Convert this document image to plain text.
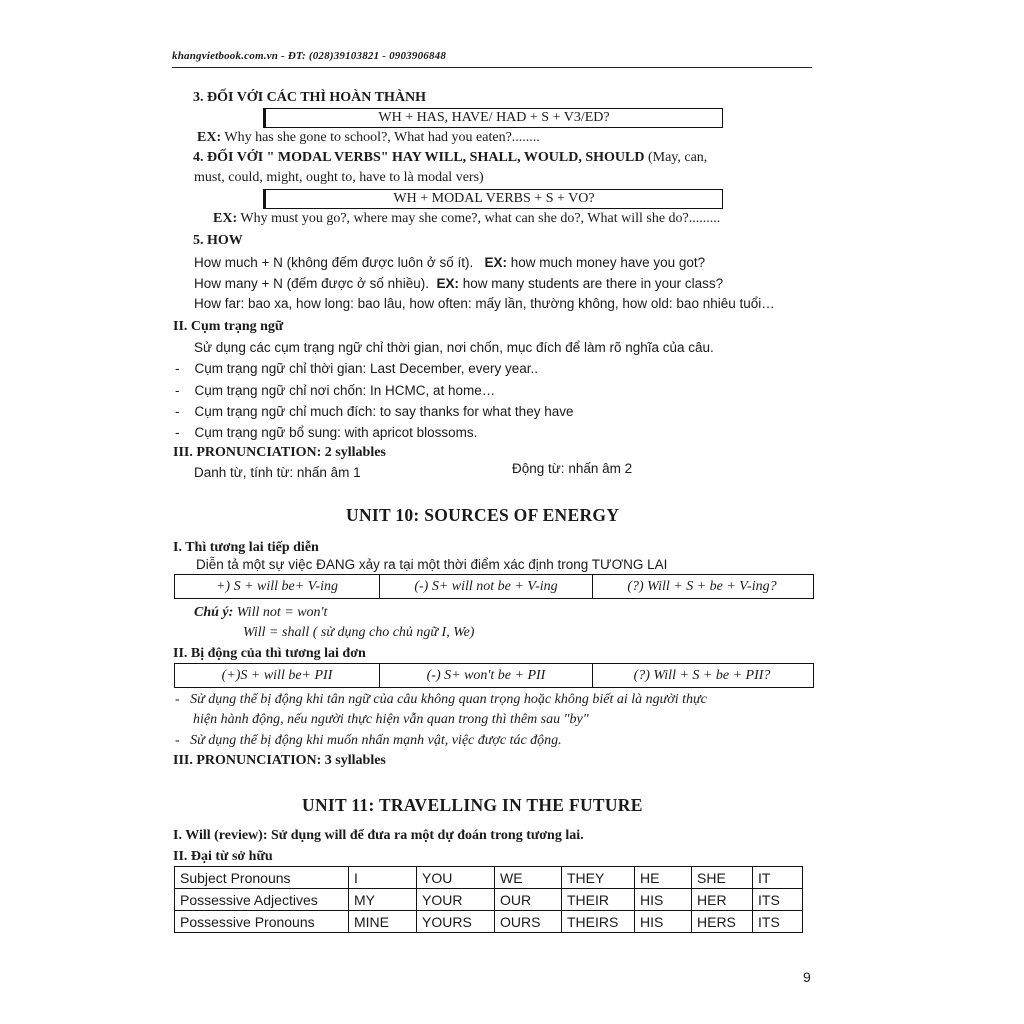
khangvietbook.com.vn - ĐT: (028)39103821 - 0903906848
3. ĐỐI VỚI CÁC THÌ HOÀN THÀNH
WH + HAS, HAVE/ HAD + S + V3/ED?
EX: Why has she gone to school?, What had you eaten?........
4. ĐỐI VỚI " MODAL VERBS" HAY WILL, SHALL, WOULD, SHOULD (May, can,
must, could, might, ought to, have to là modal vers)
WH + MODAL VERBS + S + VO?
EX: Why must you go?, where may she come?, what can she do?, What will she do?.........
5. HOW
How much + N (không đếm được luôn ở số ít). EX: how much money have you got?
How many + N (đếm được ở số nhiều). EX: how many students are there in your class?
How far: bao xa, how long: bao lâu, how often: mấy lần, thường không, how old: bao nhiêu tuổi…
II. Cụm trạng ngữ
Sử dụng các cụm trạng ngữ chỉ thời gian, nơi chốn, mục đích để làm rõ nghĩa của câu.
-    Cụm trạng ngữ chỉ thời gian: Last December, every year..
-    Cụm trạng ngữ chỉ nơi chốn: In HCMC, at home…
-    Cụm trạng ngữ chỉ much đích: to say thanks for what they have
-    Cụm trạng ngữ bổ sung: with apricot blossoms.
III. PRONUNCIATION: 2 syllables
Danh từ, tính từ: nhấn âm 1	Động từ: nhấn âm 2
UNIT 10: SOURCES OF ENERGY
I. Thì tương lai tiếp diễn
Diễn tả một sự việc ĐANG xảy ra tại một thời điểm xác định trong TƯƠNG LAI
+) S + will be+ V-ing	(-) S+ will not be + V-ing	(?) Will + S + be + V-ing?
Chú ý: Will not = won't
Will = shall ( sử dụng cho chủ ngữ I, We)
II. Bị động của thì tương lai đơn
(+)S + will be+ PII	(-) S+ won't be + PII	(?) Will + S + be + PII?
-   Sử dụng thể bị động khi tân ngữ của câu không quan trọng hoặc không biết ai là người thực
hiện hành động, nếu người thực hiện vẫn quan trong thì thêm sau "by"
-   Sử dụng thể bị động khi muốn nhấn mạnh vật, việc được tác động.
III. PRONUNCIATION: 3 syllables
UNIT 11: TRAVELLING IN THE FUTURE
I. Will (review): Sử dụng will để đưa ra một dự đoán trong tương lai.
II. Đại từ sở hữu
Subject Pronouns	I	YOU	WE	THEY	HE	SHE	IT
Possessive Adjectives	MY	YOUR	OUR	THEIR	HIS	HER	ITS
Possessive Pronouns	MINE	YOURS	OURS	THEIRS	HIS	HERS	ITS
9
